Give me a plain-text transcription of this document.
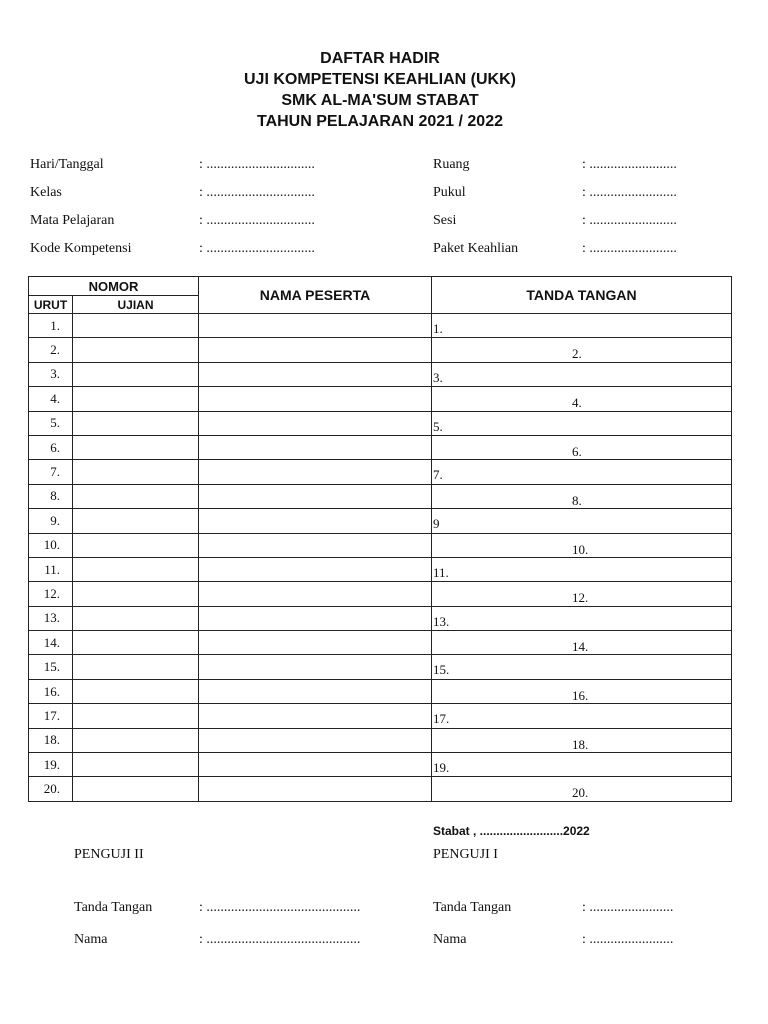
DAFTAR HADIR
UJI KOMPETENSI KEAHLIAN (UKK)
SMK AL-MA'SUM STABAT
TAHUN PELAJARAN 2021 / 2022
Hari/Tanggal	: ...............................
Kelas	: ...............................
Mata Pelajaran	: ...............................
Kode Kompetensi	: ...............................
Ruang	: .........................
Pukul	: .........................
Sesi	: .........................
Paket Keahlian	: .........................
NOMOR		NAMA PESERTA	TANDA TANGAN
URUT	UJIAN		
1.			1.

2.			2.

3.			3.

4.			4.

5.			5.

6.			6.

7.			7.

8.			8.

9.			9

10.			10.

11.			11.

12.			12.

13.			13.

14.			14.

15.			15.

16.			16.

17.			17.

18.			18.

19.			19.

20.			20.
Stabat , .........................2022
PENGUJI II	PENGUJI I
Tanda Tangan	: ............................................
Nama	: ............................................
Tanda Tangan	: ........................
Nama	: ........................
